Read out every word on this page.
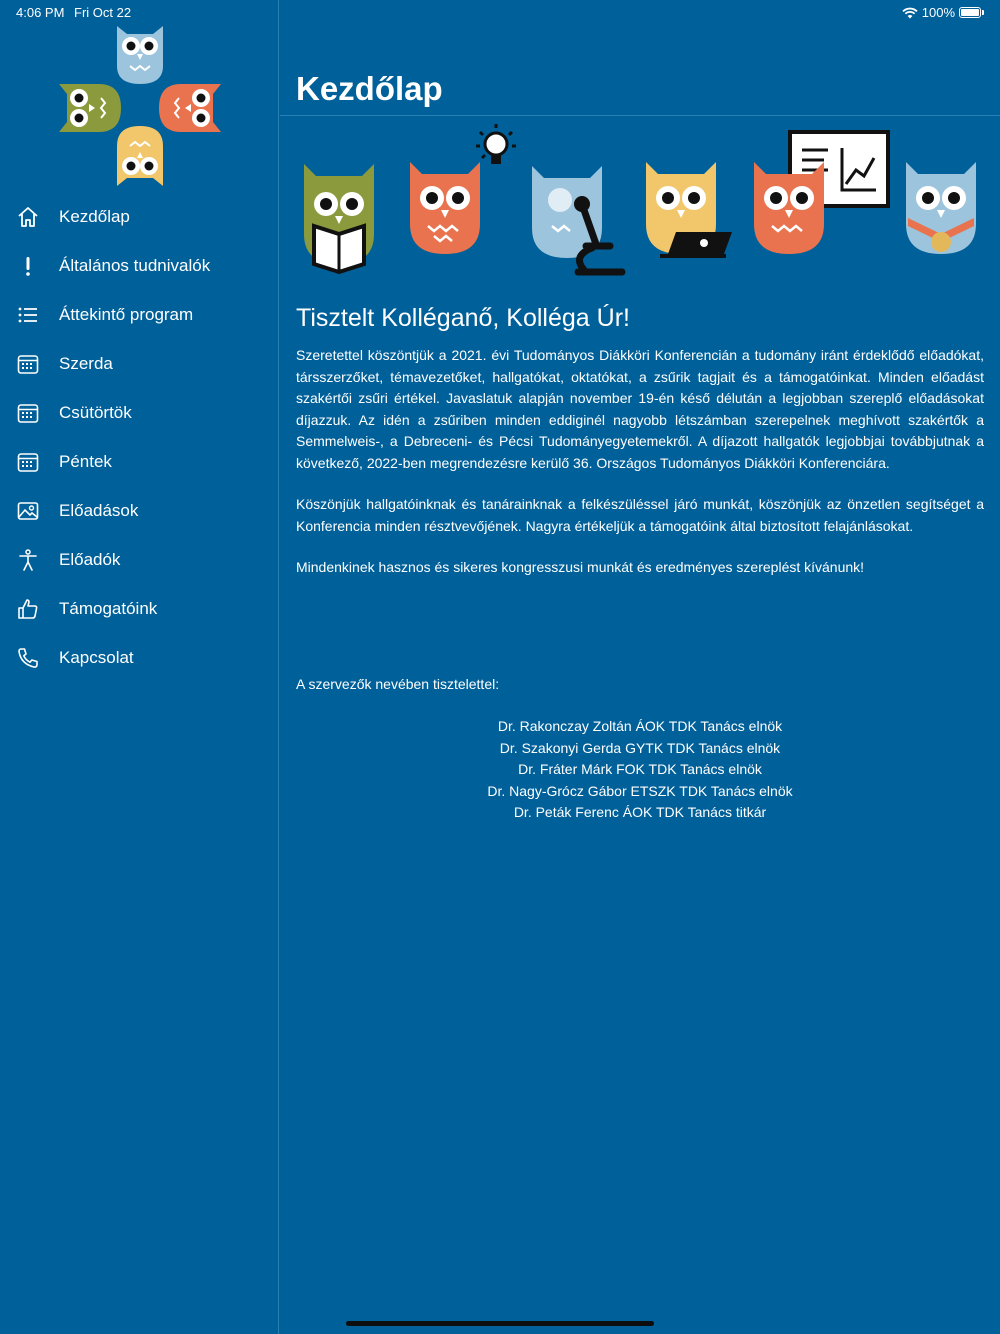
4:06 PM Fri Oct 22	100%
Kezdőlap
Általános tudnivalók
Áttekintő program
Szerda
Csütörtök
Péntek
Előadások
Előadók
Támogatóink
Kapcsolat
Kezdőlap
Tisztelt Kolléganő, Kolléga Úr!

Szeretettel köszöntjük a 2021. évi Tudományos Diákköri Konferencián a tudomány iránt érdeklődő előadókat, társszerzőket, témavezetőket, hallgatókat, oktatókat, a zsűrik tagjait és a támogatóinkat. Minden előadást szakértői zsűri értékel. Javaslatuk alapján november 19-én késő délután a legjobban szereplő előadásokat díjazzuk. Az idén a zsűriben minden eddiginél nagyobb létszámban szerepelnek meghívott szakértők a Semmelweis-, a Debreceni- és Pécsi Tudományegyetemekről. A díjazott hallgatók legjobbjai továbbjutnak a következő, 2022-ben megrendezésre kerülő 36. Országos Tudományos Diákköri Konferenciára.

Köszönjük hallgatóinknak és tanárainknak a felkészüléssel járó munkát, köszönjük az önzetlen segítséget a Konferencia minden résztvevőjének. Nagyra értékeljük a támogatóink által biztosított felajánlásokat.

Mindenkinek hasznos és sikeres kongresszusi munkát és eredményes szereplést kívánunk!

A szervezők nevében tisztelettel:
Dr. Rakonczay Zoltán ÁOK TDK Tanács elnök
Dr. Szakonyi Gerda GYTK TDK Tanács elnök
Dr. Fráter Márk FOK TDK Tanács elnök
Dr. Nagy-Grócz Gábor ETSZK TDK Tanács elnök
Dr. Peták Ferenc ÁOK TDK Tanács titkár
